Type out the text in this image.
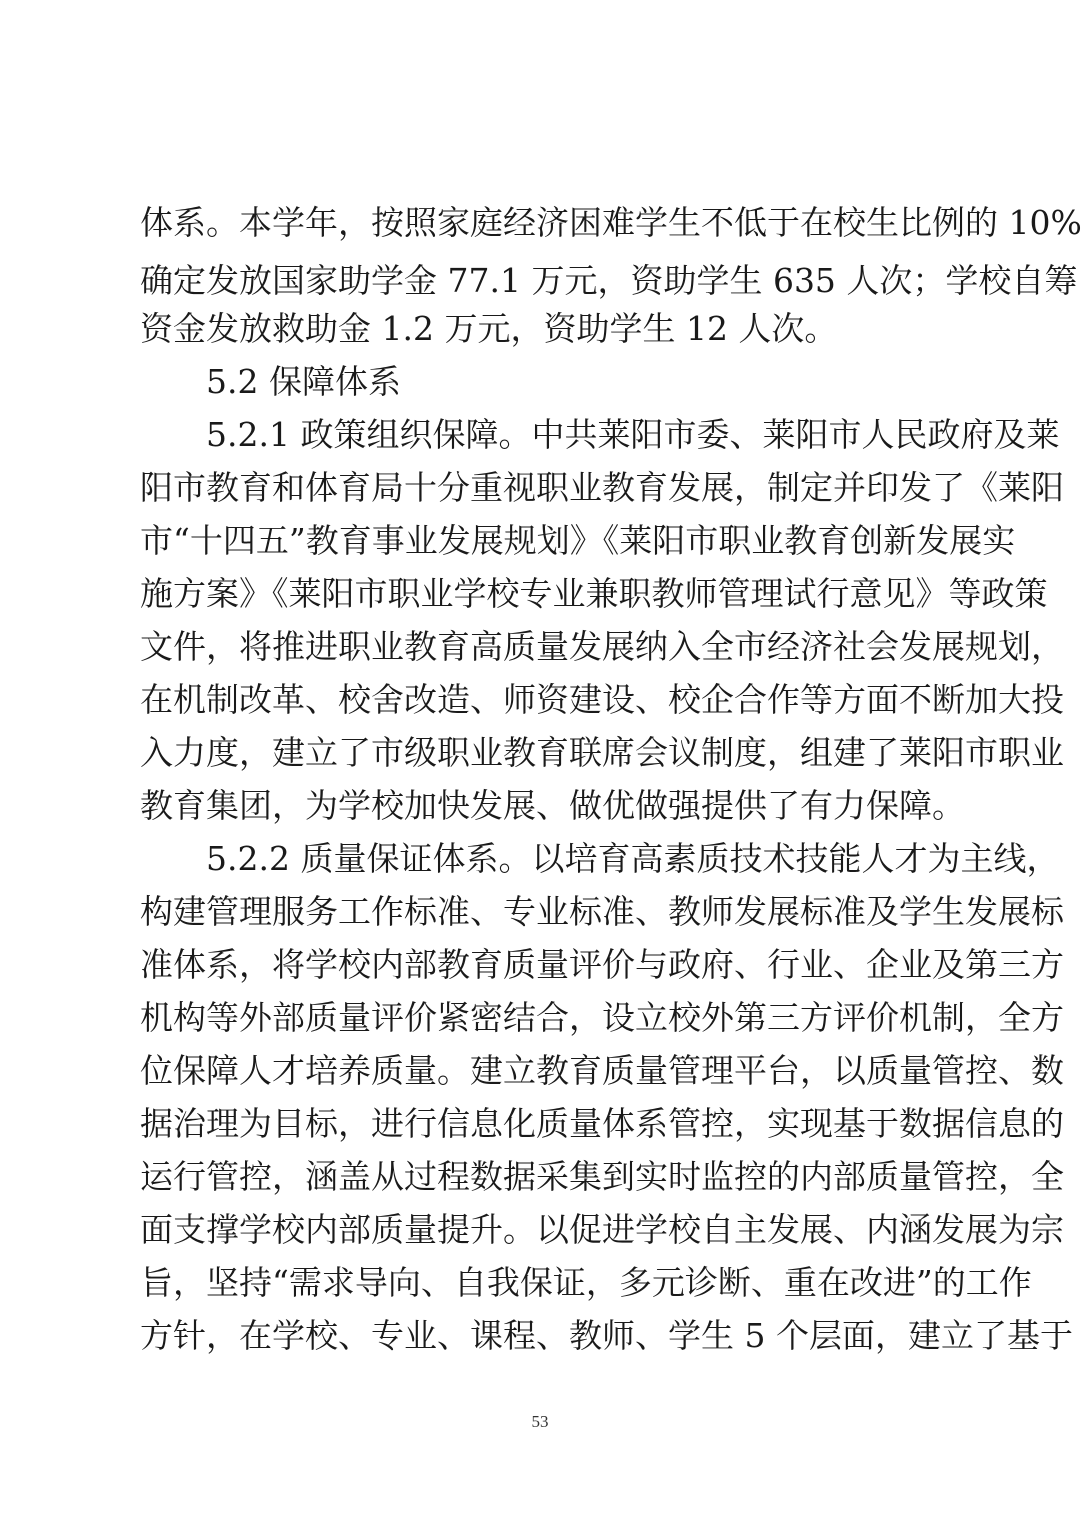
体系。本学年，按照家庭经济困难学生不低于在校生比例的 10%
确定发放国家助学金 77.1 万元，资助学生 635 人次；学校自筹
资金发放救助金 1.2 万元，资助学生 12 人次。
5.2 保障体系
5.2.1 政策组织保障。中共莱阳市委、莱阳市人民政府及莱
阳市教育和体育局十分重视职业教育发展，制定并印发了《莱阳
市“十四五”教育事业发展规划》《莱阳市职业教育创新发展实
施方案》《莱阳市职业学校专业兼职教师管理试行意见》等政策
文件，将推进职业教育高质量发展纳入全市经济社会发展规划，
在机制改革、校舍改造、师资建设、校企合作等方面不断加大投
入力度，建立了市级职业教育联席会议制度，组建了莱阳市职业
教育集团，为学校加快发展、做优做强提供了有力保障。
5.2.2 质量保证体系。以培育高素质技术技能人才为主线，
构建管理服务工作标准、专业标准、教师发展标准及学生发展标
准体系，将学校内部教育质量评价与政府、行业、企业及第三方
机构等外部质量评价紧密结合，设立校外第三方评价机制，全方
位保障人才培养质量。建立教育质量管理平台，以质量管控、数
据治理为目标，进行信息化质量体系管控，实现基于数据信息的
运行管控，涵盖从过程数据采集到实时监控的内部质量管控，全
面支撑学校内部质量提升。以促进学校自主发展、内涵发展为宗
旨，坚持“需求导向、自我保证，多元诊断、重在改进”的工作
方针，在学校、专业、课程、教师、学生 5 个层面，建立了基于
53
